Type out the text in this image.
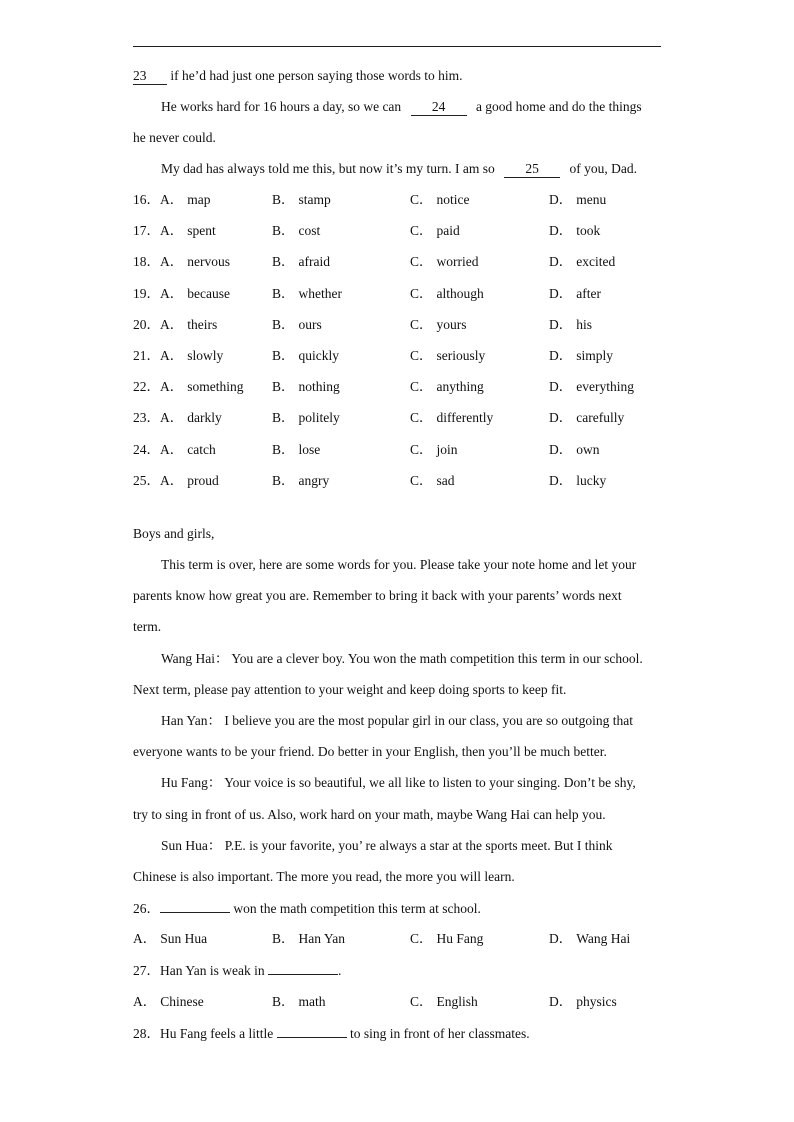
23 if he’d had just one person saying those words to him.
He works hard for 16 hours a day, so we can 24 a good home and do the things
he never could.
My dad has always told me this, but now it’s my turn. I am so 25 of you, Dad.
16．A． map	B． stamp	C． notice	D． menu
17．A． spent	B． cost	C． paid	D． took
18．A． nervous	B． afraid	C． worried	D． excited
19．A． because	B． whether	C． although	D． after
20．A． theirs	B． ours	C． yours	D． his
21．A． slowly	B． quickly	C． seriously	D． simply
22．A． something B． nothing	C． anything	D． everything
23．A． darkly	B． politely	C． differently	D． carefully
24．A． catch	B． lose	C． join	D． own
25．A． proud	B． angry	C． sad	D． lucky
Boys and girls,
This term is over, here are some words for you. Please take your note home and let your
parents know how great you are. Remember to bring it back with your parents’ words next
term.
Wang Hai： You are a clever boy. You won the math competition this term in our school.
Next term, please pay attention to your weight and keep doing sports to keep fit.
Han Yan： I believe you are the most popular girl in our class, you are so outgoing that
everyone wants to be your friend. Do better in your English, then you’ll be much better.
Hu Fang： Your voice is so beautiful, we all like to listen to your singing. Don’t be shy,
try to sing in front of us. Also, work hard on your math, maybe Wang Hai can help you.
Sun Hua： P.E. is your favorite, you’ re always a star at the sports meet. But I think
Chinese is also important. The more you read, the more you will learn.
26．	won the math competition this term at school.
A． Sun Hua	B． Han Yan	C． Hu Fang	D． Wang Hai
27．Han Yan is weak in	.
A． Chinese	B． math	C． English	D． physics
28．Hu Fang feels a little	to sing in front of her classmates.
